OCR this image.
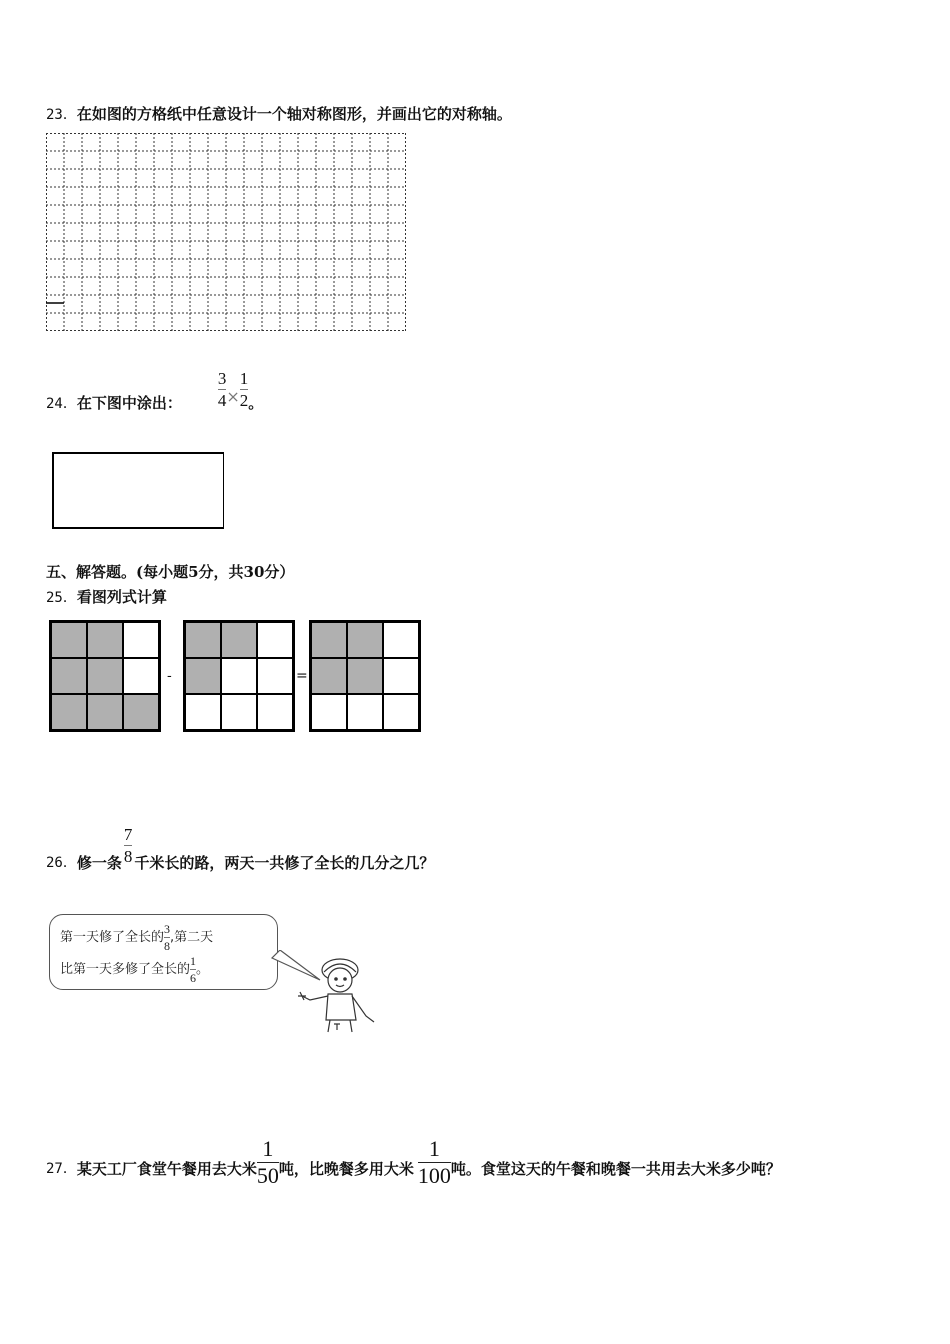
23．在如图的方格纸中任意设计一个轴对称图形，并画出它的对称轴。
24．在下图中涂出： $\frac{3}{4} \times \frac{1}{2}$ 。
五、解答题。(每小题5分，共30分）
25．看图列式计算
-	=
26．修一条 $\frac{7}{8}$ 千米长的路，两天一共修了全长的几分之几？
第一天修了全长的 $\frac{3}{8}$ ,第二天
比第一天多修了全长的 $\frac{1}{6}$ 。
27．某天工厂食堂午餐用去大米 $\frac{1}{50}$ 吨，比晚餐多用大米 $\frac{1}{100}$ 吨。食堂这天的午餐和晚餐一共用去大米多少吨？
